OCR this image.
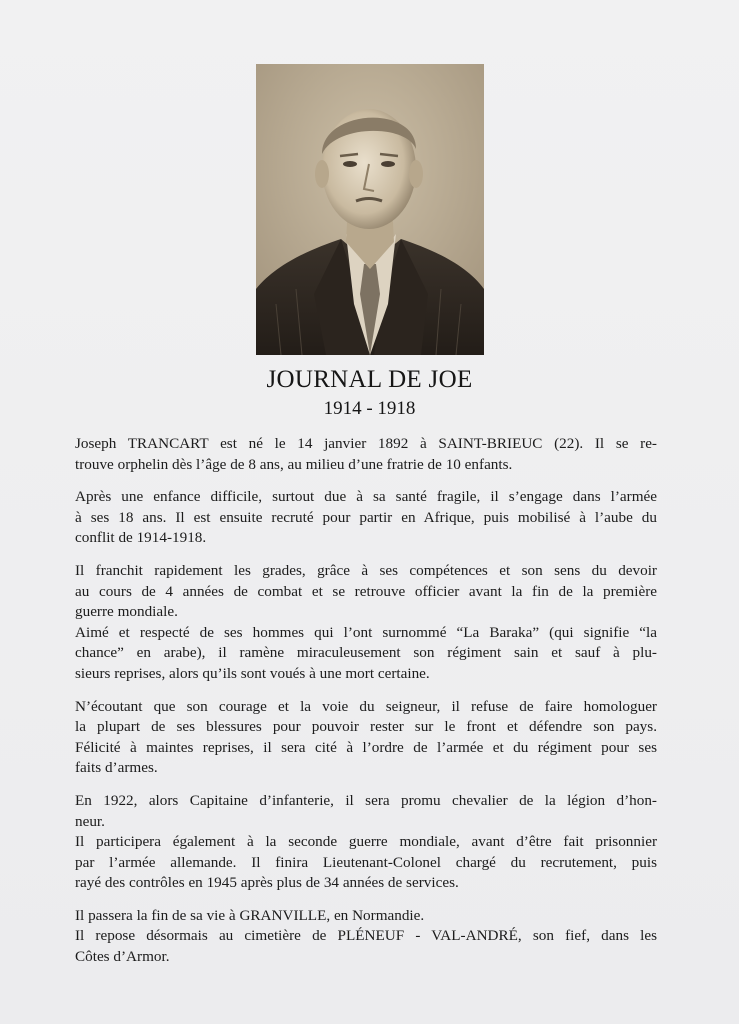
JOURNAL DE JOE
1914 - 1918
Joseph TRANCART est né le 14 janvier 1892 à SAINT-BRIEUC (22). Il se re-
trouve orphelin dès l’âge de 8 ans, au milieu d’une fratrie de 10 enfants.
Après une enfance difficile, surtout due à sa santé fragile, il s’engage dans l’armée
à ses 18 ans. Il est ensuite recruté pour partir en Afrique, puis mobilisé à l’aube du
conflit de 1914-1918.
Il franchit rapidement les grades, grâce à ses compétences et son sens du devoir
au cours de 4 années de combat et se retrouve officier avant la fin de la première
guerre mondiale.
Aimé et respecté de ses hommes qui l’ont surnommé “La Baraka” (qui signifie “la
chance” en arabe), il ramène miraculeusement son régiment sain et sauf à plu-
sieurs reprises, alors qu’ils sont voués à une mort certaine.
N’écoutant que son courage et la voie du seigneur, il refuse de faire homologuer
la plupart de ses blessures pour pouvoir rester sur le front et défendre son pays.
Félicité à maintes reprises, il sera cité à l’ordre de l’armée et du régiment pour ses
faits d’armes.
En 1922, alors Capitaine d’infanterie, il sera promu chevalier de la légion d’hon-
neur.
Il participera également à la seconde guerre mondiale, avant d’être fait prisonnier
par l’armée allemande. Il finira Lieutenant-Colonel chargé du recrutement, puis
rayé des contrôles en 1945 après plus de 34 années de services.
Il passera la fin de sa vie à GRANVILLE, en Normandie.
Il repose désormais au cimetière de PLÉNEUF - VAL-ANDRÉ, son fief, dans les
Côtes d’Armor.
